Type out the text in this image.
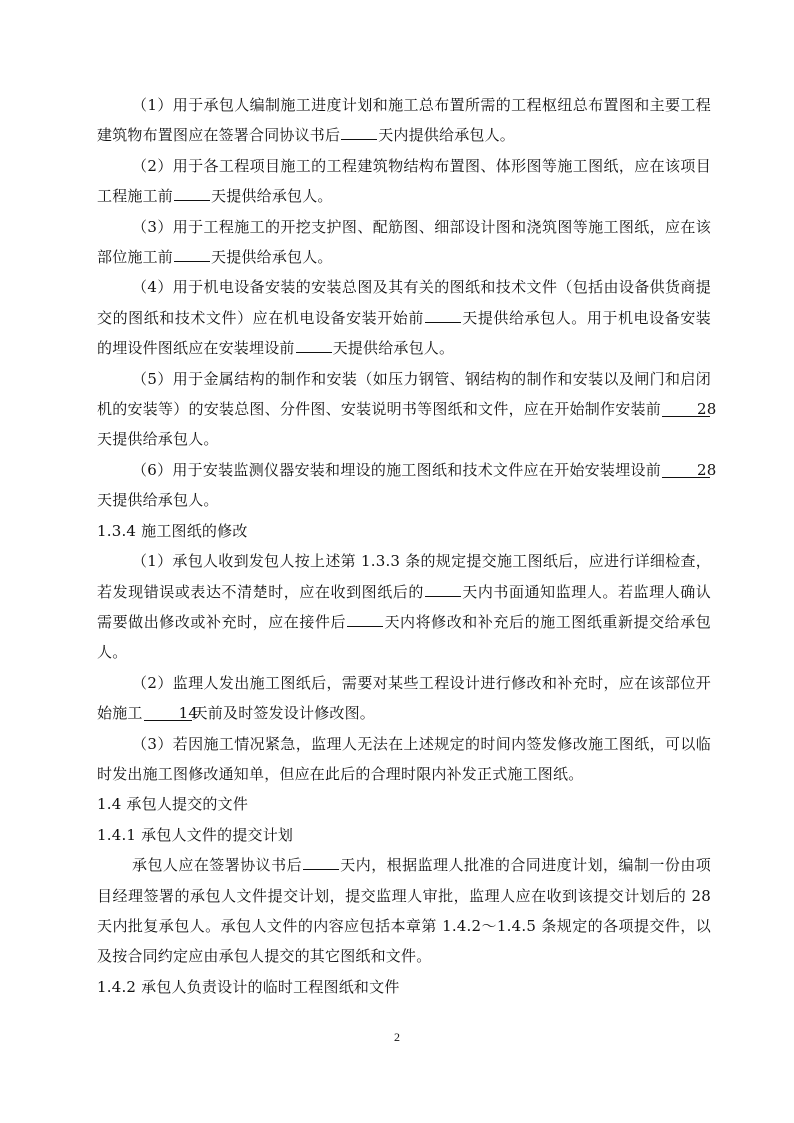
（1）用于承包人编制施工进度计划和施工总布置所需的工程枢纽总布置图和主要工程建筑物布置图应在签署合同协议书后	天内提供给承包人。

（2）用于各工程项目施工的工程建筑物结构布置图、体形图等施工图纸，应在该项目工程施工前	天提供给承包人。

（3）用于工程施工的开挖支护图、配筋图、细部设计图和浇筑图等施工图纸，应在该部位施工前	天提供给承包人。

（4）用于机电设备安装的安装总图及其有关的图纸和技术文件（包括由设备供货商提交的图纸和技术文件）应在机电设备安装开始前	天提供给承包人。用于机电设备安装的埋设件图纸应在安装埋设前	天提供给承包人。

（5）用于金属结构的制作和安装（如压力钢管、钢结构的制作和安装以及闸门和启闭机的安装等）的安装总图、分件图、安装说明书等图纸和文件，应在开始制作安装前 28天提供给承包人。

（6）用于安装监测仪器安装和埋设的施工图纸和技术文件应在开始安装埋设前 28天提供给承包人。

1.3.4 施工图纸的修改

（1）承包人收到发包人按上述第 1.3.3 条的规定提交施工图纸后，应进行详细检查，若发现错误或表达不清楚时，应在收到图纸后的	天内书面通知监理人。若监理人确认需要做出修改或补充时，应在接件后	天内将修改和补充后的施工图纸重新提交给承包人。

（2）监理人发出施工图纸后，需要对某些工程设计进行修改和补充时，应在该部位开始施工 14天前及时签发设计修改图。

（3）若因施工情况紧急，监理人无法在上述规定的时间内签发修改施工图纸，可以临时发出施工图修改通知单，但应在此后的合理时限内补发正式施工图纸。

1.4 承包人提交的文件

1.4.1 承包人文件的提交计划

承包人应在签署协议书后	天内，根据监理人批准的合同进度计划，编制一份由项目经理签署的承包人文件提交计划，提交监理人审批，监理人应在收到该提交计划后的 28 天内批复承包人。承包人文件的内容应包括本章第 1.4.2～1.4.5 条规定的各项提交件，以及按合同约定应由承包人提交的其它图纸和文件。

1.4.2 承包人负责设计的临时工程图纸和文件

2
